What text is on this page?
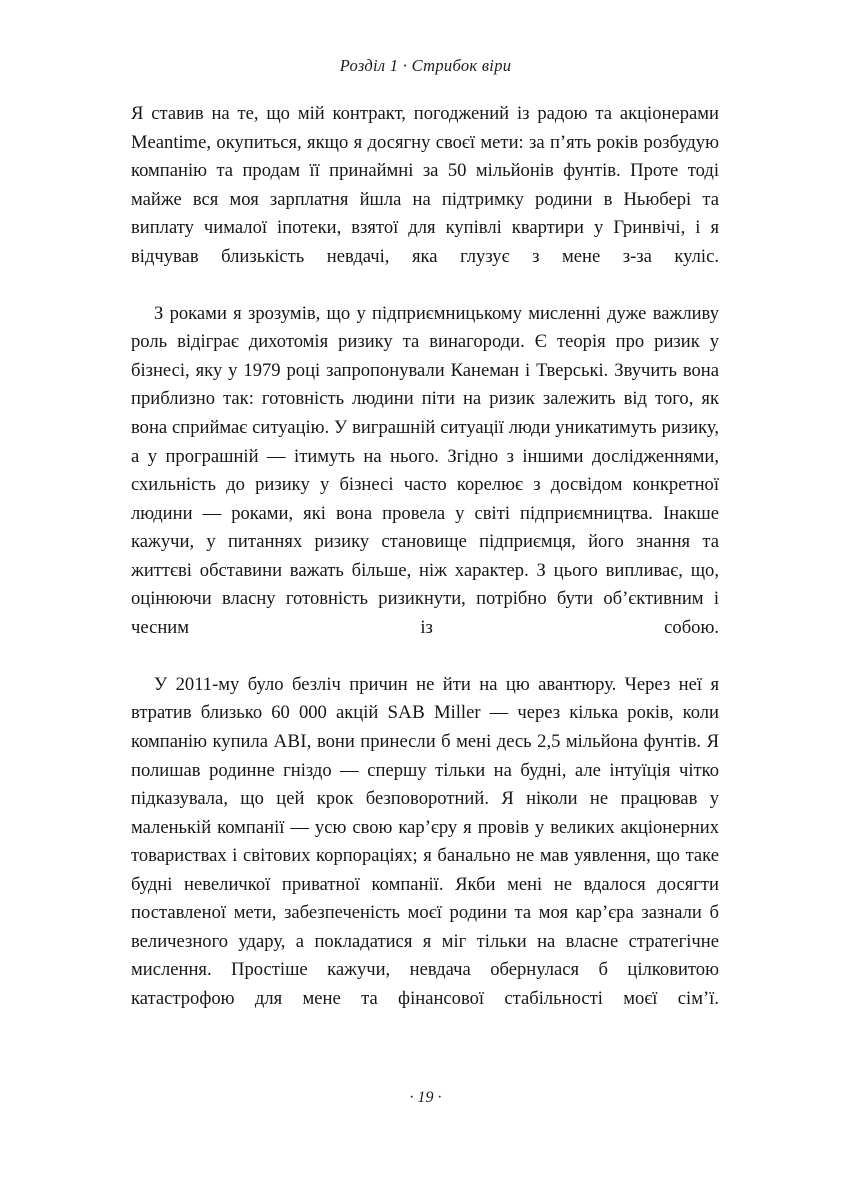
Розділ 1 · Стрибок віри

Я ставив на те, що мій контракт, погоджений із радою та акціонерами Meantime, окупиться, якщо я досягну своєї мети: за п’ять років розбудую компанію та продам її принаймні за 50 мільйонів фунтів. Проте тоді майже вся моя зарплатня йшла на підтримку родини в Ньюбері та виплату чималої іпотеки, взятої для купівлі квартири у Гринвічі, і я відчував близькість невдачі, яка глузує з мене з-за куліс.

З роками я зрозумів, що у підприємницькому мисленні дуже важливу роль відіграє дихотомія ризику та винагороди. Є теорія про ризик у бізнесі, яку у 1979 році запропонували Канеман і Тверські. Звучить вона приблизно так: готовність людини піти на ризик залежить від того, як вона сприймає ситуацію. У виграшній ситуації люди уникатимуть ризику, а у програшній — ітимуть на нього. Згідно з іншими дослідженнями, схильність до ризику у бізнесі часто корелює з досвідом конкретної людини — роками, які вона провела у світі підприємництва. Інакше кажучи, у питаннях ризику становище підприємця, його знання та життєві обставини важать більше, ніж характер. З цього випливає, що, оцінюючи власну готовність ризикнути, потрібно бути об’єктивним і чесним із собою.

У 2011-му було безліч причин не йти на цю авантюру. Через неї я втратив близько 60 000 акцій SAB Miller — через кілька років, коли компанію купила ABI, вони принесли б мені десь 2,5 мільйона фунтів. Я полишав родинне гніздо — спершу тільки на будні, але інтуїція чітко підказувала, що цей крок безповоротний. Я ніколи не працював у маленькій компанії — усю свою кар’єру я провів у великих акціонерних товариствах і світових корпораціях; я банально не мав уявлення, що таке будні невеличкої приватної компанії. Якби мені не вдалося досягти поставленої мети, забезпеченість моєї родини та моя кар’єра зазнали б величезного удару, а покладатися я міг тільки на власне стратегічне мислення. Простіше кажучи, невдача обернулася б цілковитою катастрофою для мене та фінансової стабільності моєї сім’ї.

· 19 ·
